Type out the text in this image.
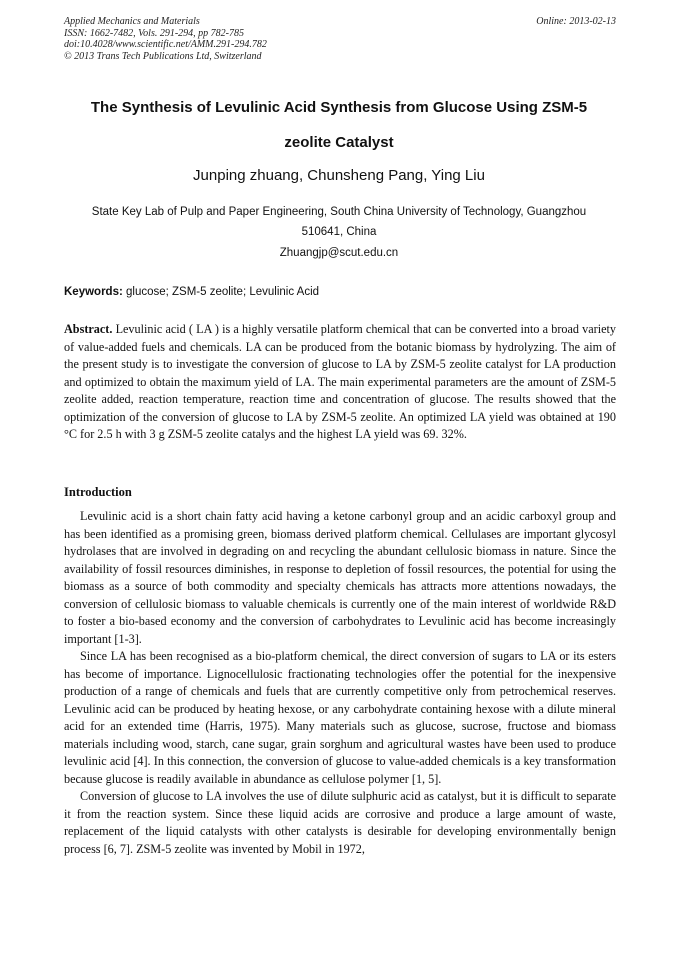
Applied Mechanics and Materials
ISSN: 1662-7482, Vols. 291-294, pp 782-785
doi:10.4028/www.scientific.net/AMM.291-294.782
© 2013 Trans Tech Publications Ltd, Switzerland
Online: 2013-02-13
The Synthesis of Levulinic Acid Synthesis from Glucose Using ZSM-5
zeolite Catalyst
Junping zhuang, Chunsheng Pang, Ying Liu
State Key Lab of Pulp and Paper Engineering, South China University of Technology, Guangzhou
510641, China
Zhuangjp@scut.edu.cn
Keywords: glucose; ZSM-5 zeolite; Levulinic Acid
Abstract. Levulinic acid ( LA ) is a highly versatile platform chemical that can be converted into a broad variety of value-added fuels and chemicals. LA can be produced from the botanic biomass by hydrolyzing. The aim of the present study is to investigate the conversion of glucose to LA by ZSM-5 zeolite catalyst for LA production and optimized to obtain the maximum yield of LA. The main experimental parameters are the amount of ZSM-5 zeolite added, reaction temperature, reaction time and concentration of glucose. The results showed that the optimization of the conversion of glucose to LA by ZSM-5 zeolite. An optimized LA yield was obtained at 190 °C for 2.5 h with 3 g ZSM-5 zeolite catalys and the highest LA yield was 69. 32%.
Introduction

Levulinic acid is a short chain fatty acid having a ketone carbonyl group and an acidic carboxyl group and has been identified as a promising green, biomass derived platform chemical. Cellulases are important glycosyl hydrolases that are involved in degrading on and recycling the abundant cellulosic biomass in nature. Since the availability of fossil resources diminishes, in response to depletion of fossil resources, the potential for using the biomass as a source of both commodity and specialty chemicals has attracts more attentions nowadays, the conversion of cellulosic biomass to valuable chemicals is currently one of the main interest of worldwide R&D to foster a bio-based economy and the conversion of carbohydrates to Levulinic acid has become increasingly important [1-3].

Since LA has been recognised as a bio-platform chemical, the direct conversion of sugars to LA or its esters has become of importance. Lignocellulosic fractionating technologies offer the potential for the inexpensive production of a range of chemicals and fuels that are currently competitive only from petrochemical reserves. Levulinic acid can be produced by heating hexose, or any carbohydrate containing hexose with a dilute mineral acid for an extended time (Harris, 1975). Many materials such as glucose, sucrose, fructose and biomass materials including wood, starch, cane sugar, grain sorghum and agricultural wastes have been used to produce levulinic acid [4]. In this connection, the conversion of glucose to value-added chemicals is a key transformation because glucose is readily available in abundance as cellulose polymer [1, 5].

Conversion of glucose to LA involves the use of dilute sulphuric acid as catalyst, but it is difficult to separate it from the reaction system. Since these liquid acids are corrosive and produce a large amount of waste, replacement of the liquid catalysts with other catalysts is desirable for developing environmentally benign process [6, 7]. ZSM-5 zeolite was invented by Mobil in 1972,
